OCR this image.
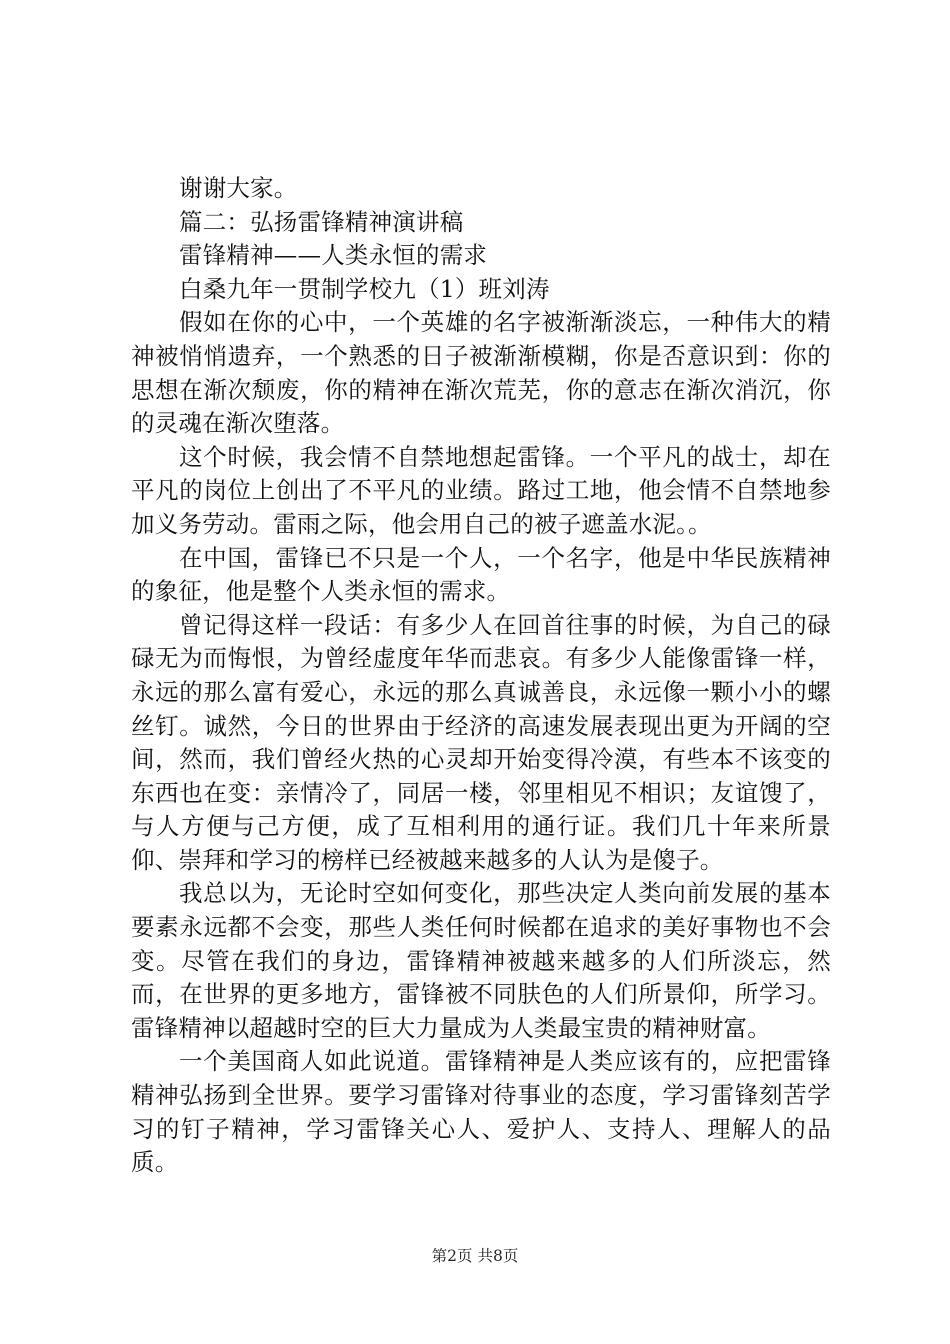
谢谢大家。
篇二：弘扬雷锋精神演讲稿
雷锋精神——人类永恒的需求
白桑九年一贯制学校九（1）班刘涛

假如在你的心中，一个英雄的名字被渐渐淡忘，一种伟大的精神被悄悄遗弃，一个熟悉的日子被渐渐模糊，你是否意识到：你的思想在渐次颓废，你的精神在渐次荒芜，你的意志在渐次消沉，你的灵魂在渐次堕落。

这个时候，我会情不自禁地想起雷锋。一个平凡的战士，却在平凡的岗位上创出了不平凡的业绩。路过工地，他会情不自禁地参加义务劳动。雷雨之际，他会用自己的被子遮盖水泥。。

在中国，雷锋已不只是一个人，一个名字，他是中华民族精神的象征，他是整个人类永恒的需求。

曾记得这样一段话：有多少人在回首往事的时候，为自己的碌碌无为而悔恨，为曾经虚度年华而悲哀。有多少人能像雷锋一样，永远的那么富有爱心，永远的那么真诚善良，永远像一颗小小的螺丝钉。诚然，今日的世界由于经济的高速发展表现出更为开阔的空间，然而，我们曾经火热的心灵却开始变得冷漠，有些本不该变的东西也在变：亲情冷了，同居一楼，邻里相见不相识；友谊馊了，与人方便与己方便，成了互相利用的通行证。我们几十年来所景仰、崇拜和学习的榜样已经被越来越多的人认为是傻子。

我总以为，无论时空如何变化，那些决定人类向前发展的基本要素永远都不会变，那些人类任何时候都在追求的美好事物也不会变。尽管在我们的身边，雷锋精神被越来越多的人们所淡忘，然而，在世界的更多地方，雷锋被不同肤色的人们所景仰，所学习。雷锋精神以超越时空的巨大力量成为人类最宝贵的精神财富。

一个美国商人如此说道。雷锋精神是人类应该有的，应把雷锋精神弘扬到全世界。要学习雷锋对待事业的态度，学习雷锋刻苦学习的钉子精神，学习雷锋关心人、爱护人、支持人、理解人的品质。

第2页 共8页
